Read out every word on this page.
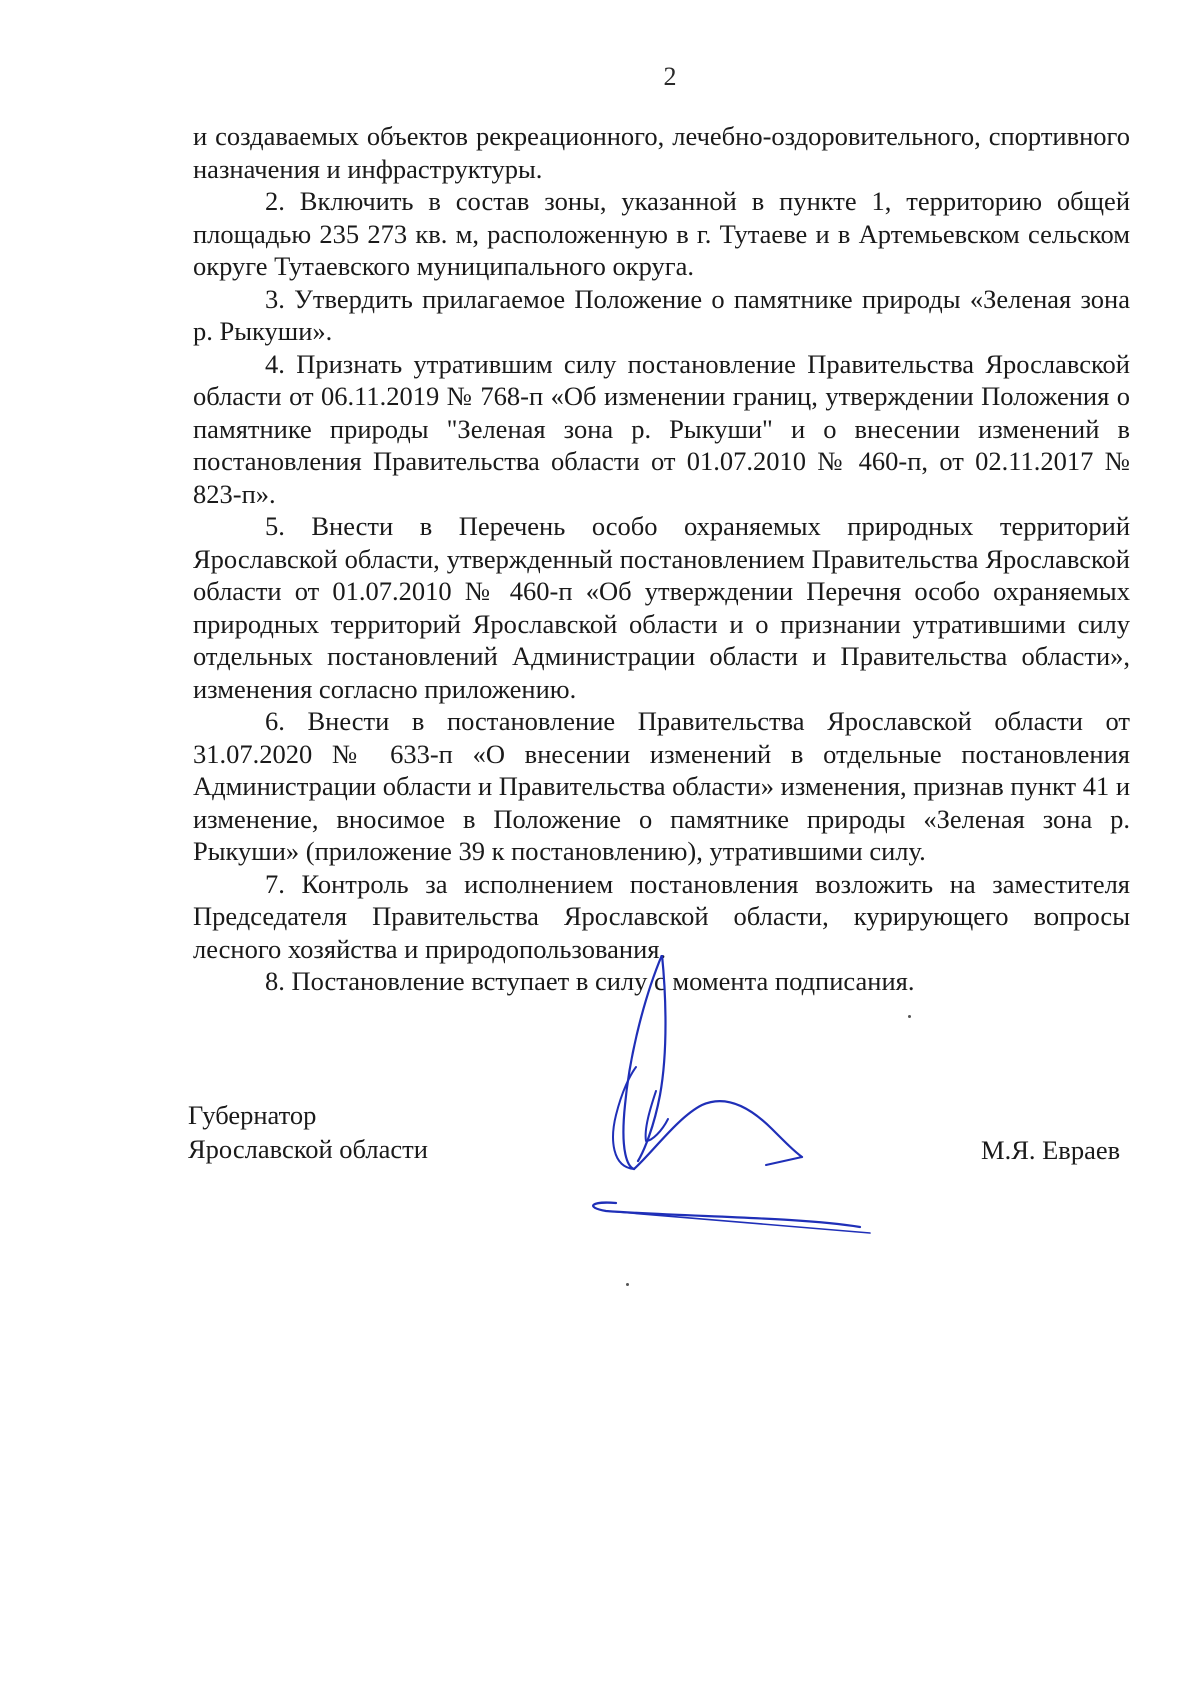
2

и создаваемых объектов рекреационного, лечебно-оздоровительного, спортивного назначения и инфраструктуры.

2. Включить в состав зоны, указанной в пункте 1, территорию общей площадью 235 273 кв. м, расположенную в г. Тутаеве и в Артемьевском сельском округе Тутаевского муниципального округа.

3. Утвердить прилагаемое Положение о памятнике природы «Зеленая зона р. Рыкуши».

4. Признать утратившим силу постановление Правительства Ярославской области от 06.11.2019 № 768-п «Об изменении границ, утверждении Положения о памятнике природы "Зеленая зона р. Рыкуши" и о внесении изменений в постановления Правительства области от 01.07.2010 № 460-п, от 02.11.2017 № 823-п».

5. Внести в Перечень особо охраняемых природных территорий Ярославской области, утвержденный постановлением Правительства Ярославской области от 01.07.2010 № 460-п «Об утверждении Перечня особо охраняемых природных территорий Ярославской области и о признании утратившими силу отдельных постановлений Администрации области и Правительства области», изменения согласно приложению.

6. Внести в постановление Правительства Ярославской области от 31.07.2020 № 633-п «О внесении изменений в отдельные постановления Администрации области и Правительства области» изменения, признав пункт 41 и изменение, вносимое в Положение о памятнике природы «Зеленая зона р. Рыкуши» (приложение 39 к постановлению), утратившими силу.

7. Контроль за исполнением постановления возложить на заместителя Председателя Правительства Ярославской области, курирующего вопросы лесного хозяйства и природопользования.

8. Постановление вступает в силу с момента подписания.

Губернатор
Ярославской области	М.Я. Евраев
